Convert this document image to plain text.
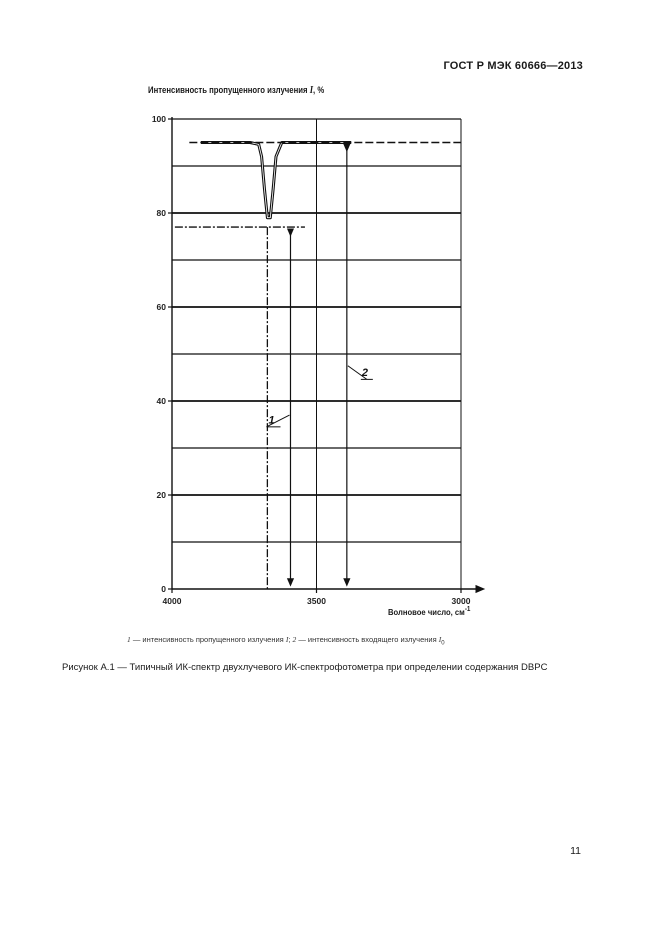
ГОСТ Р МЭК 60666—2013
Интенсивность пропущенного излучения I, %
0
20
40
60
80
100
4000	3500	3000
1
2
Волновое число, $см^{-1}$
1 — интенсивность пропущенного излучения I; 2 — интенсивность входящего излучения $I_0$
Рисунок А.1 — Типичный ИК-спектр двухлучевого ИК-спектрофотометра при определении содержания DBPC
11
